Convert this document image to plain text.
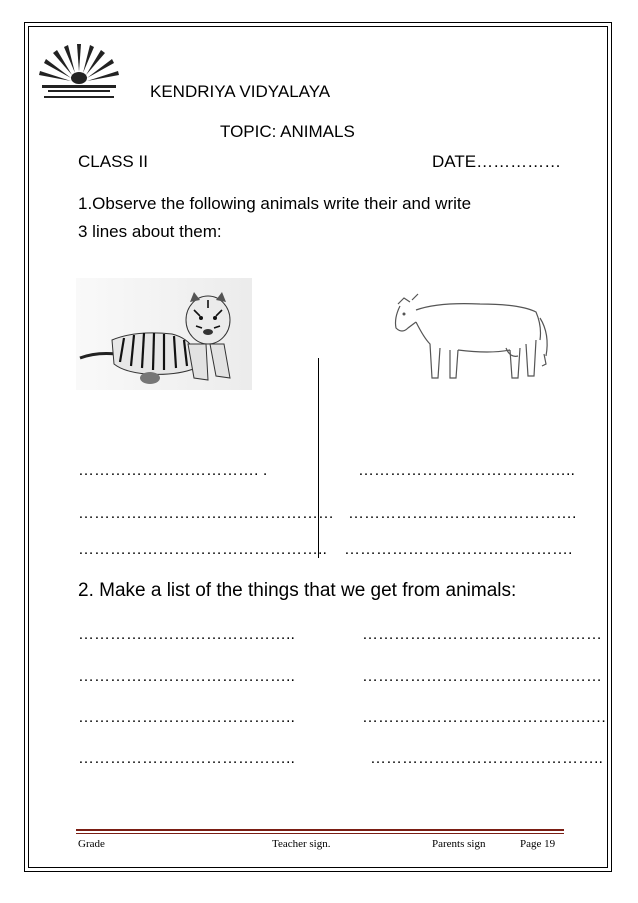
KENDRIYA VIDYALAYA
TOPIC: ANIMALS
CLASS II	DATE……………
1.Observe the following animals write their and write
3 lines about them:
……………………………. .
…………………………………………
………………………………………..
…………………………………..
…………………………………….
…………………………………….
2. Make a list of the things that we get from animals:
…………………………………..
…………………………………..
…………………………………..
…………………………………..
………………………………………
………………………………………
…………………………………….…
……………………………………..
Grade	Teacher sign.	Parents sign	Page 19
